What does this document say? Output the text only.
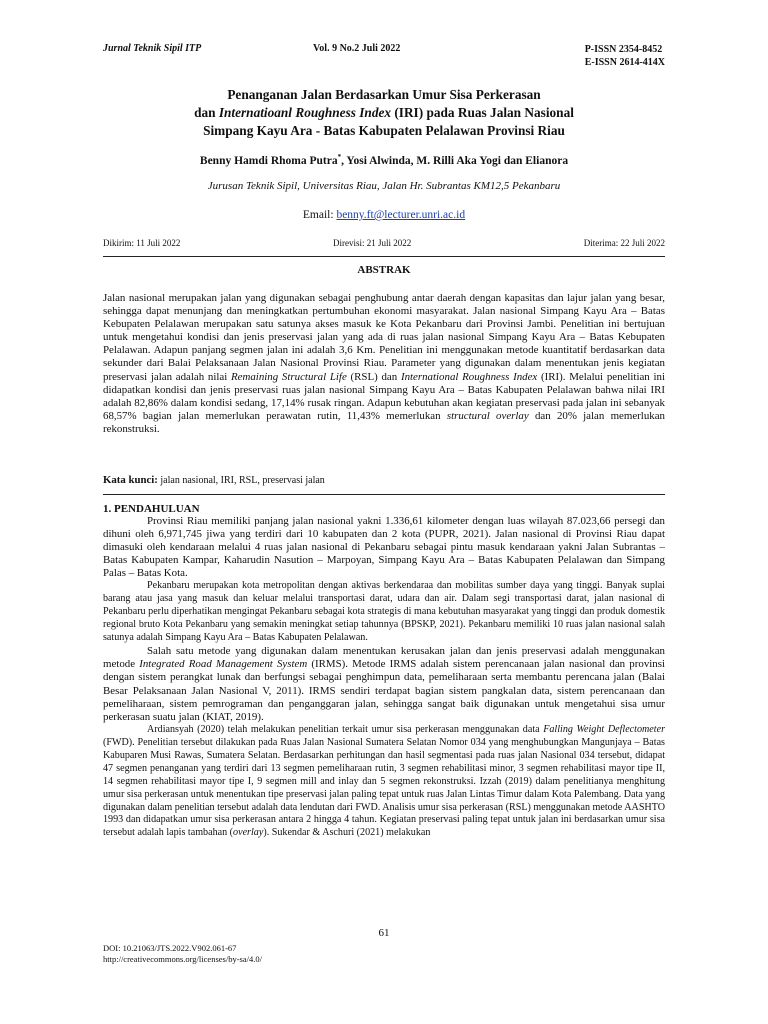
Jurnal Teknik Sipil ITP	Vol. 9 No.2 Juli 2022	P-ISSN 2354-8452
E-ISSN 2614-414X
Penanganan Jalan Berdasarkan Umur Sisa Perkerasan
dan Internatioanl Roughness Index (IRI) pada Ruas Jalan Nasional
Simpang Kayu Ara - Batas Kabupaten Pelalawan Provinsi Riau
Benny Hamdi Rhoma Putra*, Yosi Alwinda, M. Rilli Aka Yogi dan Elianora
Jurusan Teknik Sipil, Universitas Riau, Jalan Hr. Subrantas KM12,5 Pekanbaru
Email: benny.ft@lecturer.unri.ac.id
Dikirim: 11 Juli 2022	Direvisi: 21 Juli 2022	Diterima: 22 Juli 2022
ABSTRAK

Jalan nasional merupakan jalan yang digunakan sebagai penghubung antar daerah dengan kapasitas dan lajur jalan yang besar, sehingga dapat menunjang dan meningkatkan pertumbuhan ekonomi masyarakat. Jalan nasional Simpang Kayu Ara – Batas Kebupaten Pelalawan merupakan satu satunya akses masuk ke Kota Pekanbaru dari Provinsi Jambi. Penelitian ini bertujuan untuk mengetahui kondisi dan jenis preservasi jalan yang ada di ruas jalan nasional Simpang Kayu Ara – Batas Kebupaten Pelalawan. Adapun panjang segmen jalan ini adalah 3,6 Km. Penelitian ini menggunakan metode kuantitatif berdasarkan data sekunder dari Balai Pelaksanaan Jalan Nasional Provinsi Riau. Parameter yang digunakan dalam menentukan jenis kegiatan preservasi jalan adalah nilai Remaining Structural Life (RSL) dan International Roughness Index (IRI). Melalui penelitian ini didapatkan kondisi dan jenis preservasi ruas jalan nasional Simpang Kayu Ara – Batas Kabupaten Pelalawan bahwa nilai IRI adalah 82,86% dalam kondisi sedang, 17,14% rusak ringan. Adapun kebutuhan akan kegiatan preservasi pada jalan ini sebanyak 68,57% bagian jalan memerlukan perawatan rutin, 11,43% memerlukan structural overlay dan 20% jalan memerlukan rekonstruksi.

Kata kunci: jalan nasional, IRI, RSL, preservasi jalan
1. PENDAHULUAN

Provinsi Riau memiliki panjang jalan nasional yakni 1.336,61 kilometer dengan luas wilayah 87.023,66 persegi dan dihuni oleh 6,971,745 jiwa yang terdiri dari 10 kabupaten dan 2 kota (PUPR, 2021). Jalan nasional di Provinsi Riau dapat dimasuki oleh kendaraan melalui 4 ruas jalan nasional di Pekanbaru sebagai pintu masuk kendaraan yakni Jalan Subrantas – Batas Kabupaten Kampar, Kaharudin Nasution – Marpoyan, Simpang Kayu Ara – Batas Kabupaten Pelalawan dan Simpang Palas – Batas Kota.

Pekanbaru merupakan kota metropolitan dengan aktivas berkendaraa dan mobilitas sumber daya yang tinggi. Banyak suplai barang atau jasa yang masuk dan keluar melalui transportasi darat, udara dan air. Dalam segi transportasi darat, jalan nasional di Pekanbaru perlu diperhatikan mengingat Pekanbaru sebagai kota strategis di mana kebutuhan masyarakat yang tinggi dan produk domestik regional bruto Kota Pekanbaru yang semakin meningkat setiap tahunnya (BPSKP, 2021). Pekanbaru memiliki 10 ruas jalan nasional salah satunya adalah Simpang Kayu Ara – Batas Kabupaten Pelalawan.

Salah satu metode yang digunakan dalam menentukan kerusakan jalan dan jenis preservasi adalah menggunakan metode Integrated Road Management System (IRMS). Metode IRMS adalah sistem perencanaan jalan nasional dan provinsi dengan sistem perangkat lunak dan berfungsi sebagai penghimpun data, pemeliharaan serta membantu perencana jalan (Balai Besar Pelaksanaan Jalan Nasional V, 2011). IRMS sendiri terdapat bagian sistem pangkalan data, sistem perencanaan dan pemeliharaan, sistem pemrograman dan penganggaran jalan, sehingga sangat baik digunakan untuk mengetahui sisa umur perkerasan suatu jalan (KIAT, 2019).

Ardiansyah (2020) telah melakukan penelitian terkait umur sisa perkerasan menggunakan data Falling Weight Deflectometer (FWD). Penelitian tersebut dilakukan pada Ruas Jalan Nasional Sumatera Selatan Nomor 034 yang menghubungkan Mangunjaya – Batas Kabuparen Musi Rawas, Sumatera Selatan. Berdasarkan perhitungan dan hasil segmentasi pada ruas jalan Nasional 034 tersebut, didapat 47 segmen penanganan yang terdiri dari 13 segmen pemeliharaan rutin, 3 segmen rehabilitasi minor, 3 segmen rehabilitasi mayor tipe II, 14 segmen rehabilitasi mayor tipe I, 9 segmen mill and inlay dan 5 segmen rekonstruksi. Izzah (2019) dalam penelitianya menghitung umur sisa perkerasan untuk menentukan tipe preservasi jalan paling tepat untuk ruas Jalan Lintas Timur dalam Kota Palembang. Data yang digunakan dalam penelitian tersebut adalah data lendutan dari FWD. Analisis umur sisa perkerasan (RSL) menggunakan metode AASHTO 1993 dan didapatkan umur sisa perkerasan antara 2 hingga 4 tahun. Kegiatan preservasi paling tepat untuk jalan ini berdasarkan umur sisa tersebut adalah lapis tambahan (overlay). Sukendar & Aschuri (2021) melakukan

61
DOI: 10.21063/JTS.2022.V902.061-67
http://creativecommons.org/licenses/by-sa/4.0/
